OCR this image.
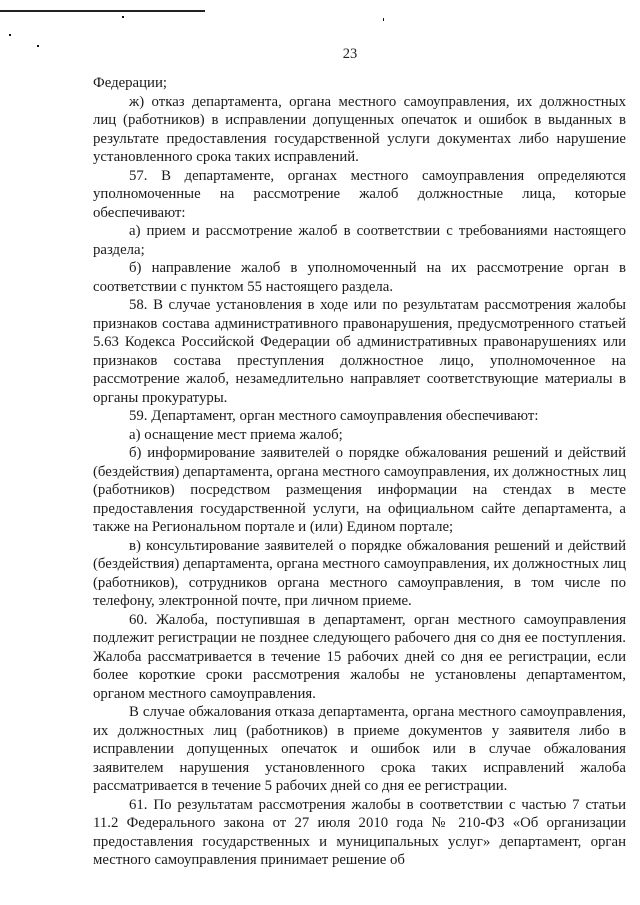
23

Федерации;

ж) отказ департамента, органа местного самоуправления, их должностных лиц (работников) в исправлении допущенных опечаток и ошибок в выданных в результате предоставления государственной услуги документах либо нарушение установленного срока таких исправлений.

57. В департаменте, органах местного самоуправления определяются уполномоченные на рассмотрение жалоб должностные лица, которые обеспечивают:

а) прием и рассмотрение жалоб в соответствии с требованиями настоящего раздела;

б) направление жалоб в уполномоченный на их рассмотрение орган в соответствии с пунктом 55 настоящего раздела.

58. В случае установления в ходе или по результатам рассмотрения жалобы признаков состава административного правонарушения, предусмотренного статьей 5.63 Кодекса Российской Федерации об административных правонарушениях или признаков состава преступления должностное лицо, уполномоченное на рассмотрение жалоб, незамедлительно направляет соответствующие материалы в органы прокуратуры.

59. Департамент, орган местного самоуправления обеспечивают:

а) оснащение мест приема жалоб;

б) информирование заявителей о порядке обжалования решений и действий (бездействия) департамента, органа местного самоуправления, их должностных лиц (работников) посредством размещения информации на стендах в месте предоставления государственной услуги, на официальном сайте департамента, а также на Региональном портале и (или) Едином портале;

в) консультирование заявителей о порядке обжалования решений и действий (бездействия) департамента, органа местного самоуправления, их должностных лиц (работников), сотрудников органа местного самоуправления, в том числе по телефону, электронной почте, при личном приеме.

60. Жалоба, поступившая в департамент, орган местного самоуправления подлежит регистрации не позднее следующего рабочего дня со дня ее поступления. Жалоба рассматривается в течение 15 рабочих дней со дня ее регистрации, если более короткие сроки рассмотрения жалобы не установлены департаментом, органом местного самоуправления.

В случае обжалования отказа департамента, органа местного самоуправления, их должностных лиц (работников) в приеме документов у заявителя либо в исправлении допущенных опечаток и ошибок или в случае обжалования заявителем нарушения установленного срока таких исправлений жалоба рассматривается в течение 5 рабочих дней со дня ее регистрации.

61. По результатам рассмотрения жалобы в соответствии с частью 7 статьи 11.2 Федерального закона от 27 июля 2010 года № 210-ФЗ «Об организации предоставления государственных и муниципальных услуг» департамент, орган местного самоуправления принимает решение об
